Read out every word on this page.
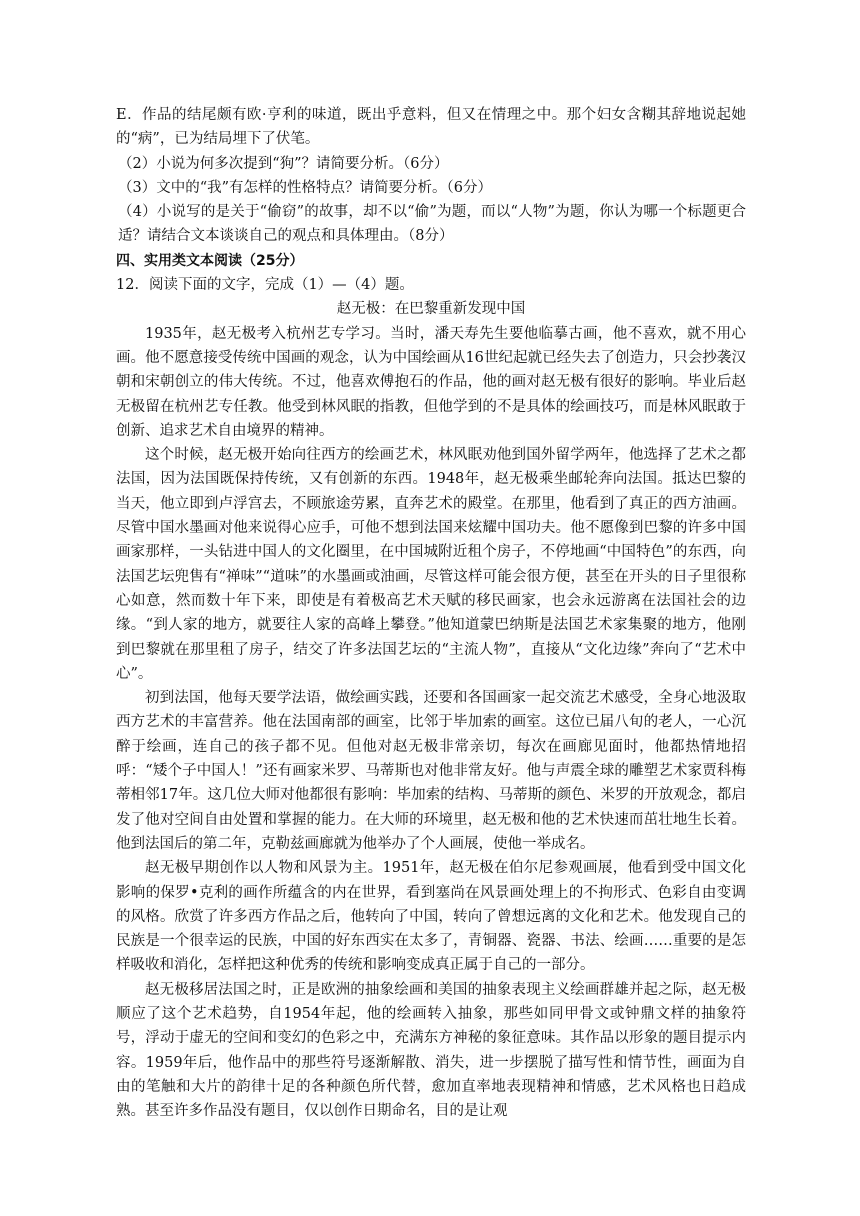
E．作品的结尾颇有欧·亨利的味道，既出乎意料，但又在情理之中。那个妇女含糊其辞地说起她的“病”，已为结局埋下了伏笔。

（2）小说为何多次提到“狗”？请简要分析。（6分）

（3）文中的“我”有怎样的性格特点？请简要分析。（6分）

（4）小说写的是关于“偷窃”的故事，却不以“偷”为题，而以“人物”为题，你认为哪一个标题更合适？请结合文本谈谈自己的观点和具体理由。（8分）

四、实用类文本阅读（25分）

12．阅读下面的文字，完成（1）—（4）题。

赵无极：在巴黎重新发现中国

1935年，赵无极考入杭州艺专学习。当时，潘天寿先生要他临摹古画，他不喜欢，就不用心画。他不愿意接受传统中国画的观念，认为中国绘画从16世纪起就已经失去了创造力，只会抄袭汉朝和宋朝创立的伟大传统。不过，他喜欢傅抱石的作品，他的画对赵无极有很好的影响。毕业后赵无极留在杭州艺专任教。他受到林风眠的指教，但他学到的不是具体的绘画技巧，而是林风眠敢于创新、追求艺术自由境界的精神。

这个时候，赵无极开始向往西方的绘画艺术，林风眠劝他到国外留学两年，他选择了艺术之都法国，因为法国既保持传统，又有创新的东西。1948年，赵无极乘坐邮轮奔向法国。抵达巴黎的当天，他立即到卢浮宫去，不顾旅途劳累，直奔艺术的殿堂。在那里，他看到了真正的西方油画。尽管中国水墨画对他来说得心应手，可他不想到法国来炫耀中国功夫。他不愿像到巴黎的许多中国画家那样，一头钻进中国人的文化圈里，在中国城附近租个房子，不停地画“中国特色”的东西，向法国艺坛兜售有“禅味”“道味”的水墨画或油画，尽管这样可能会很方便，甚至在开头的日子里很称心如意，然而数十年下来，即使是有着极高艺术天赋的移民画家，也会永远游离在法国社会的边缘。“到人家的地方，就要往人家的高峰上攀登。”他知道蒙巴纳斯是法国艺术家集聚的地方，他刚到巴黎就在那里租了房子，结交了许多法国艺坛的“主流人物”，直接从“文化边缘”奔向了“艺术中心”。

初到法国，他每天要学法语，做绘画实践，还要和各国画家一起交流艺术感受，全身心地汲取西方艺术的丰富营养。他在法国南部的画室，比邻于毕加索的画室。这位已届八旬的老人，一心沉醉于绘画，连自己的孩子都不见。但他对赵无极非常亲切，每次在画廊见面时，他都热情地招呼：“矮个子中国人！”还有画家米罗、马蒂斯也对他非常友好。他与声震全球的雕塑艺术家贾科梅蒂相邻17年。这几位大师对他都很有影响：毕加索的结构、马蒂斯的颜色、米罗的开放观念，都启发了他对空间自由处置和掌握的能力。在大师的环境里，赵无极和他的艺术快速而茁壮地生长着。他到法国后的第二年，克勒兹画廊就为他举办了个人画展，使他一举成名。

赵无极早期创作以人物和风景为主。1951年，赵无极在伯尔尼参观画展，他看到受中国文化影响的保罗•克利的画作所蕴含的内在世界，看到塞尚在风景画处理上的不拘形式、色彩自由变调的风格。欣赏了许多西方作品之后，他转向了中国，转向了曾想远离的文化和艺术。他发现自己的民族是一个很幸运的民族，中国的好东西实在太多了，青铜器、瓷器、书法、绘画……重要的是怎样吸收和消化，怎样把这种优秀的传统和影响变成真正属于自己的一部分。

赵无极移居法国之时，正是欧洲的抽象绘画和美国的抽象表现主义绘画群雄并起之际，赵无极顺应了这个艺术趋势，自1954年起，他的绘画转入抽象，那些如同甲骨文或钟鼎文样的抽象符号，浮动于虚无的空间和变幻的色彩之中，充满东方神秘的象征意味。其作品以形象的题目提示内容。1959年后，他作品中的那些符号逐渐解散、消失，进一步摆脱了描写性和情节性，画面为自由的笔触和大片的韵律十足的各种颜色所代替，愈加直率地表现精神和情感，艺术风格也日趋成熟。甚至许多作品没有题目，仅以创作日期命名，目的是让观
